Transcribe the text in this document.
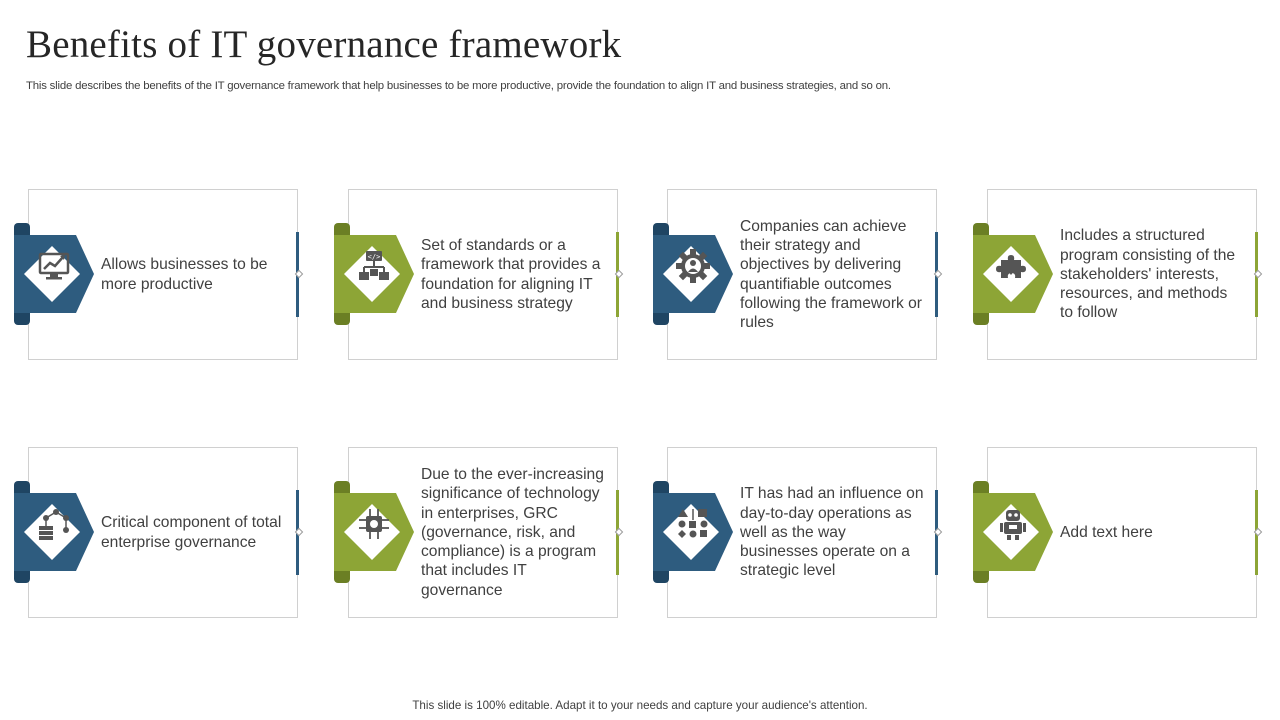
Benefits of IT governance framework
This slide describes the benefits of the IT governance framework that help businesses to be more productive, provide the foundation to align IT and business strategies, and so on.
Allows businesses to be more productive
</>
Set of standards or a framework that provides a foundation for aligning IT and business strategy
Companies can achieve their strategy and objectives by delivering quantifiable outcomes following the framework or rules
Includes a structured program consisting of the stakeholders' interests, resources, and methods to follow
Critical component of total enterprise governance
Due to the ever-increasing significance of technology in enterprises, GRC (governance, risk, and compliance) is a program that includes IT governance
IT has had an influence on day-to-day operations as well as the way businesses operate on a strategic level
Add text here
This slide is 100% editable. Adapt it to your needs and capture your audience's attention.
